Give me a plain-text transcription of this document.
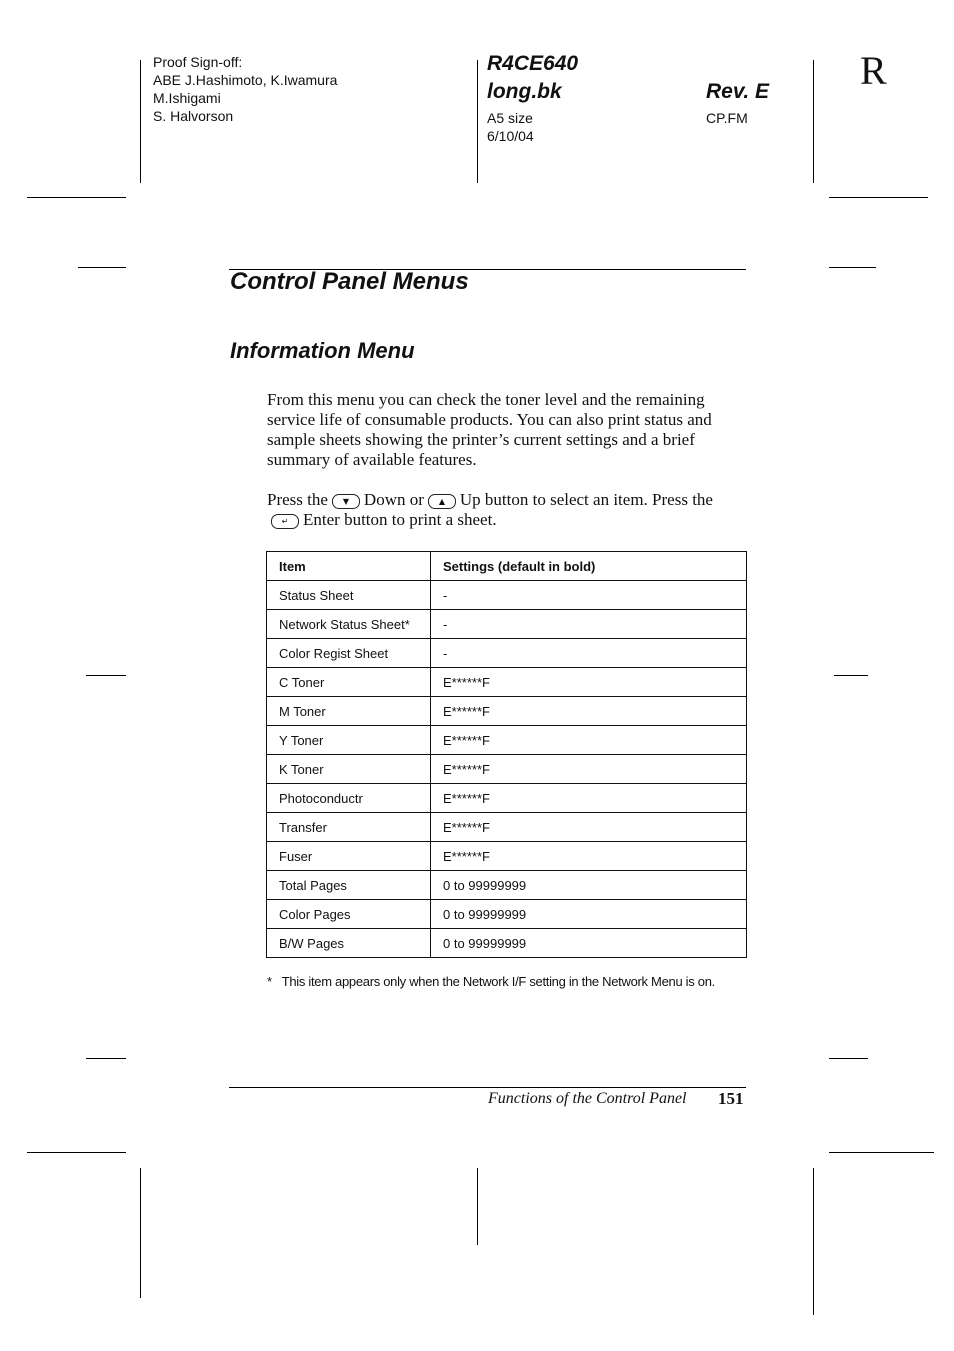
Proof Sign-off:
ABE J.Hashimoto, K.Iwamura
M.Ishigami
S. Halvorson
R4CE640
long.bk	Rev. E
A5 size
6/10/04
CP.FM
R
Control Panel Menus
Information Menu
From this menu you can check the toner level and the remaining service life of consumable products. You can also print status and sample sheets showing the printer’s current settings and a brief summary of available features.
Press the ▼ Down or ▲ Up button to select an item. Press the↵ Enter button to print a sheet.
Item	Settings (default in bold)
Status Sheet	-
Network Status Sheet*	-
Color Regist Sheet	-
C Toner	E******F
M Toner	E******F
Y Toner	E******F
K Toner	E******F
Photoconductr	E******F
Transfer	E******F
Fuser	E******F
Total Pages	0 to 99999999
Color Pages	0 to 99999999
B/W Pages	0 to 99999999
* This item appears only when the Network I/F setting in the Network Menu is on.
Functions of the Control Panel 151
